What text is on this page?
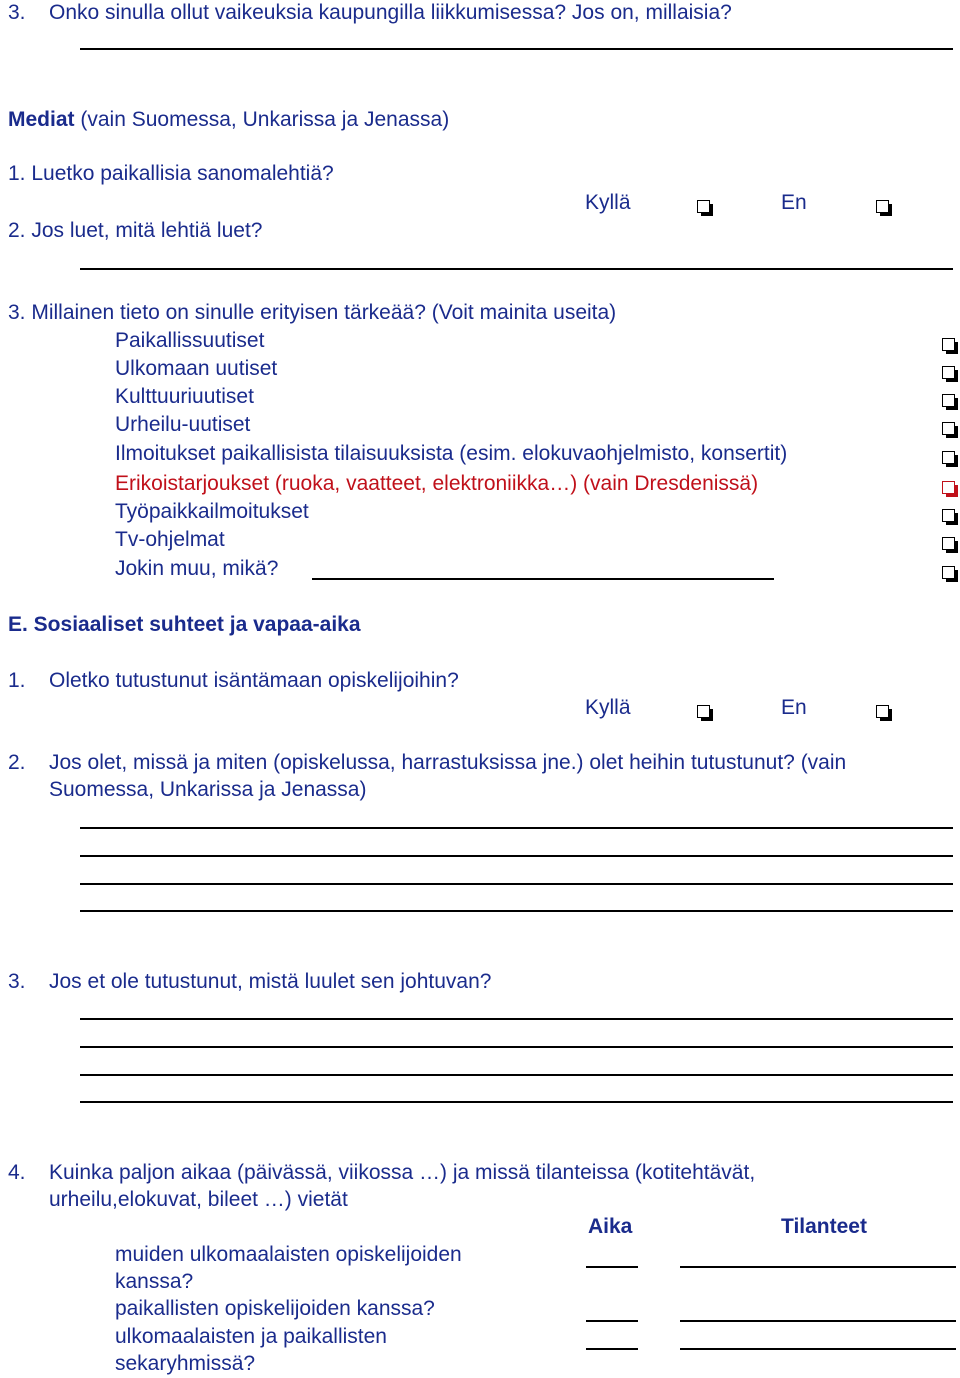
3. Onko sinulla ollut vaikeuksia kaupungilla liikkumisessa? Jos on, millaisia?
Mediat (vain Suomessa, Unkarissa ja Jenassa)
1. Luetko paikallisia sanomalehtiä?
Kyllä	En
2. Jos luet, mitä lehtiä luet?
3. Millainen tieto on sinulle erityisen tärkeää? (Voit mainita useita)
Paikallissuutiset
Ulkomaan uutiset
Kulttuuriuutiset
Urheilu-uutiset
Ilmoitukset paikallisista tilaisuuksista (esim. elokuvaohjelmisto, konsertit)
Erikoistarjoukset (ruoka, vaatteet, elektroniikka…) (vain Dresdenissä)
Työpaikkailmoitukset
Tv-ohjelmat
Jokin muu, mikä?
E. Sosiaaliset suhteet ja vapaa-aika
1. Oletko tutustunut isäntämaan opiskelijoihin?
Kyllä	En
2. Jos olet, missä ja miten (opiskelussa, harrastuksissa jne.) olet heihin tutustunut? (vain
Suomessa, Unkarissa ja Jenassa)
3. Jos et ole tutustunut, mistä luulet sen johtuvan?
4. Kuinka paljon aikaa (päivässä, viikossa …) ja missä tilanteissa (kotitehtävät,
urheilu,elokuvat, bileet …) vietät
Aika	Tilanteet
muiden ulkomaalaisten opiskelijoiden
kanssa?
paikallisten opiskelijoiden kanssa?
ulkomaalaisten ja paikallisten
sekaryhmissä?
